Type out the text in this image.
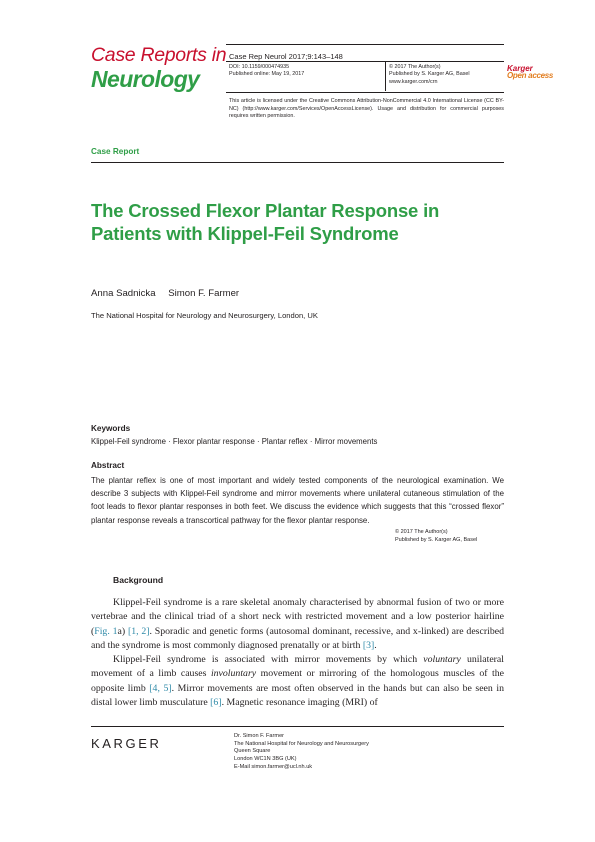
Case Reports in
Neurology
Case Rep Neurol 2017;9:143–148
DOI: 10.1159/000474935
Published online: May 19, 2017
© 2017 The Author(s)
Published by S. Karger AG, Basel
www.karger.com/crn
Karger
Open access
This article is licensed under the Creative Commons Attribution-NonCommercial 4.0 International License (CC BY-NC) (http://www.karger.com/Services/OpenAccessLicense). Usage and distribution for commercial purposes requires written permission.
Case Report
The Crossed Flexor Plantar Response in Patients with Klippel-Feil Syndrome
Anna Sadnicka Simon F. Farmer
The National Hospital for Neurology and Neurosurgery, London, UK
Keywords
Klippel-Feil syndrome · Flexor plantar response · Plantar reflex · Mirror movements
Abstract
The plantar reflex is one of most important and widely tested components of the neurological examination. We describe 3 subjects with Klippel-Feil syndrome and mirror movements where unilateral cutaneous stimulation of the foot leads to flexor plantar responses in both feet. We discuss the evidence which suggests that this “crossed flexor” plantar response reveals a transcortical pathway for the flexor plantar response.
© 2017 The Author(s)
Published by S. Karger AG, Basel
Background

Klippel-Feil syndrome is a rare skeletal anomaly characterised by abnormal fusion of two or more vertebrae and the clinical triad of a short neck with restricted movement and a low posterior hairline (Fig. 1a) [1, 2]. Sporadic and genetic forms (autosomal dominant, recessive, and x-linked) are described and the syndrome is most commonly diagnosed prenatally or at birth [3].

Klippel-Feil syndrome is associated with mirror movements by which voluntary unilateral movement of a limb causes involuntary movement or mirroring of the homologous muscles of the opposite limb [4, 5]. Mirror movements are most often observed in the hands but can also be seen in distal lower limb musculature [6]. Magnetic resonance imaging (MRI) of

KARGER	Dr. Simon F. Farmer
The National Hospital for Neurology and Neurosurgery
Queen Square
London WC1N 3BG (UK)
E-Mail simon.farmer@ucl.nh.uk
